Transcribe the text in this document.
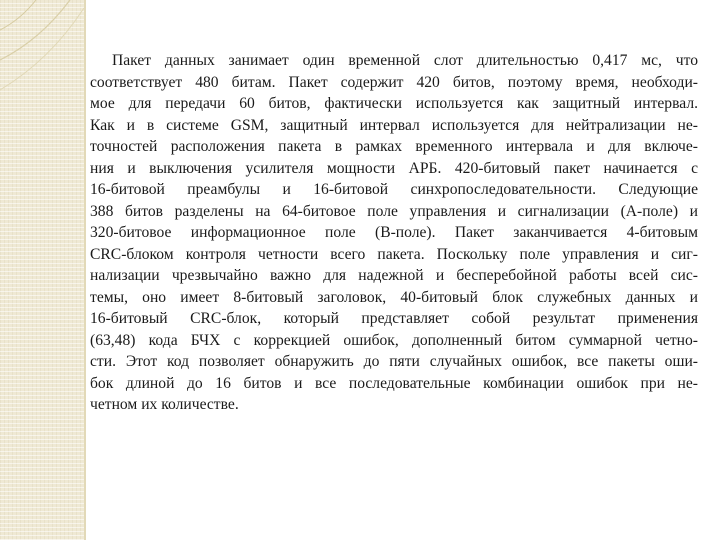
Пакет данных занимает один временной слот длительностью 0,417 мс, что
соответствует 480 битам. Пакет содержит 420 битов, поэтому время, необходи-
мое для передачи 60 битов, фактически используется как защитный интервал.
Как и в системе GSM, защитный интервал используется для нейтрализации не-
точностей расположения пакета в рамках временного интервала и для включе-
ния и выключения усилителя мощности АРБ. 420-битовый пакет начинается с
16-битовой преамбулы и 16-битовой синхропоследовательности. Следующие
388 битов разделены на 64-битовое поле управления и сигнализации (А-поле) и
320-битовое информационное поле (В-поле). Пакет заканчивается 4-битовым
CRC-блоком контроля четности всего пакета. Поскольку поле управления и сиг-
нализации чрезвычайно важно для надежной и бесперебойной работы всей сис-
темы, оно имеет 8-битовый заголовок, 40-битовый блок служебных данных и
16-битовый CRC-блок, который представляет собой результат применения
(63,48) кода БЧХ с коррекцией ошибок, дополненный битом суммарной четно-
сти. Этот код позволяет обнаружить до пяти случайных ошибок, все пакеты оши-
бок длиной до 16 битов и все последовательные комбинации ошибок при не-
четном их количестве.
